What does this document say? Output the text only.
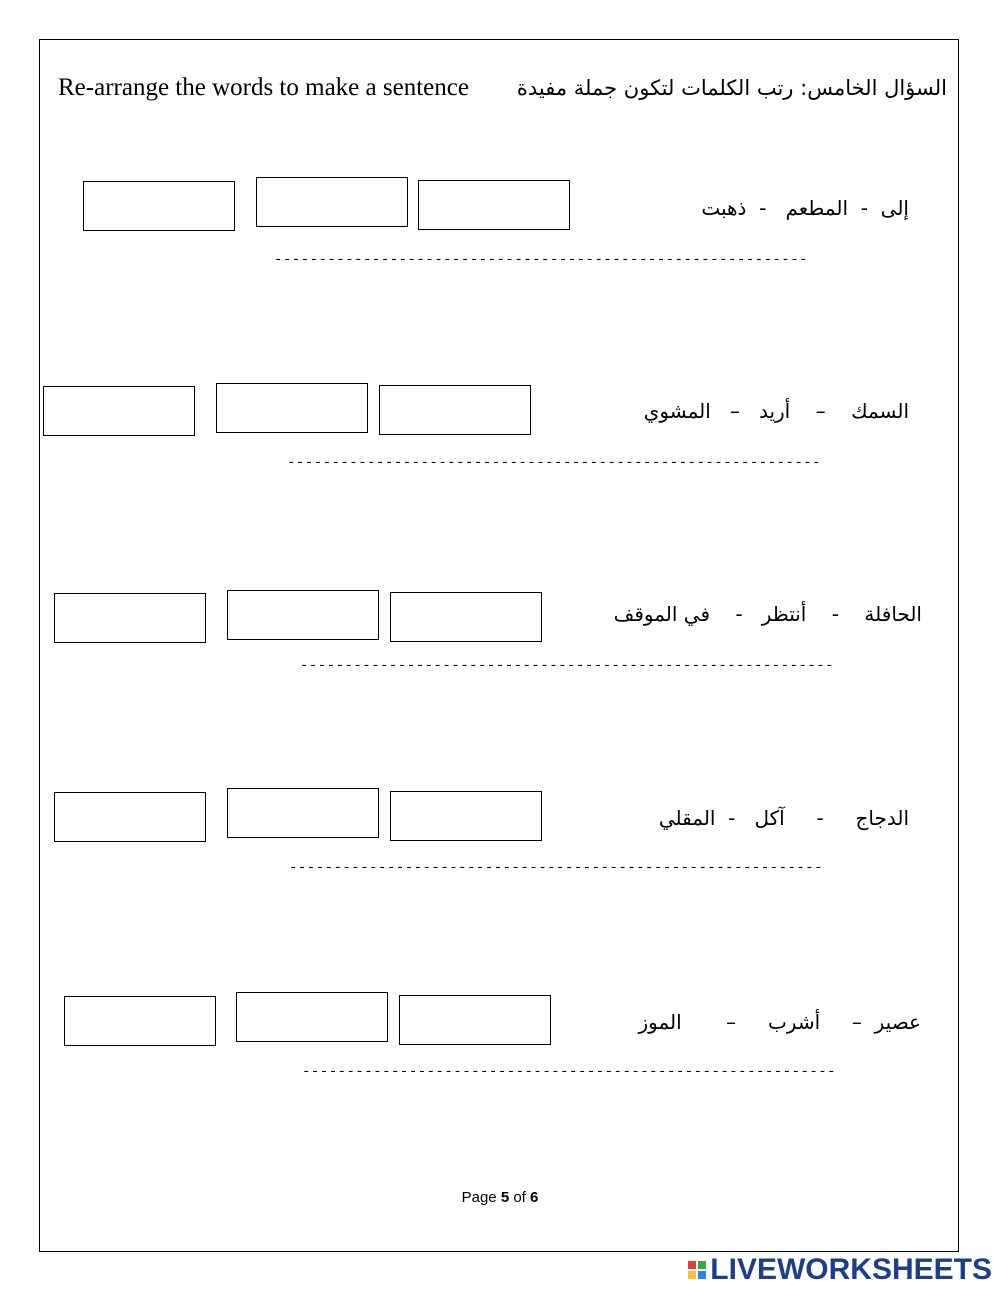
Re-arrange the words to make a sentence السؤال الخامس: رتب الكلمات لتكون جملة مفيدة
إلى  -  المطعم   -  ذهبت
------------------------------------------------------------
السمك    –    أريد   –   المشوي
------------------------------------------------------------
الحافلة    -    أنتظر   -    في الموقف
------------------------------------------------------------
الدجاج     -     آكل   -  المقلي
------------------------------------------------------------
عصير  –     أشرب     –       الموز
------------------------------------------------------------
Page 5 of 6
LIVEWORKSHEETS
